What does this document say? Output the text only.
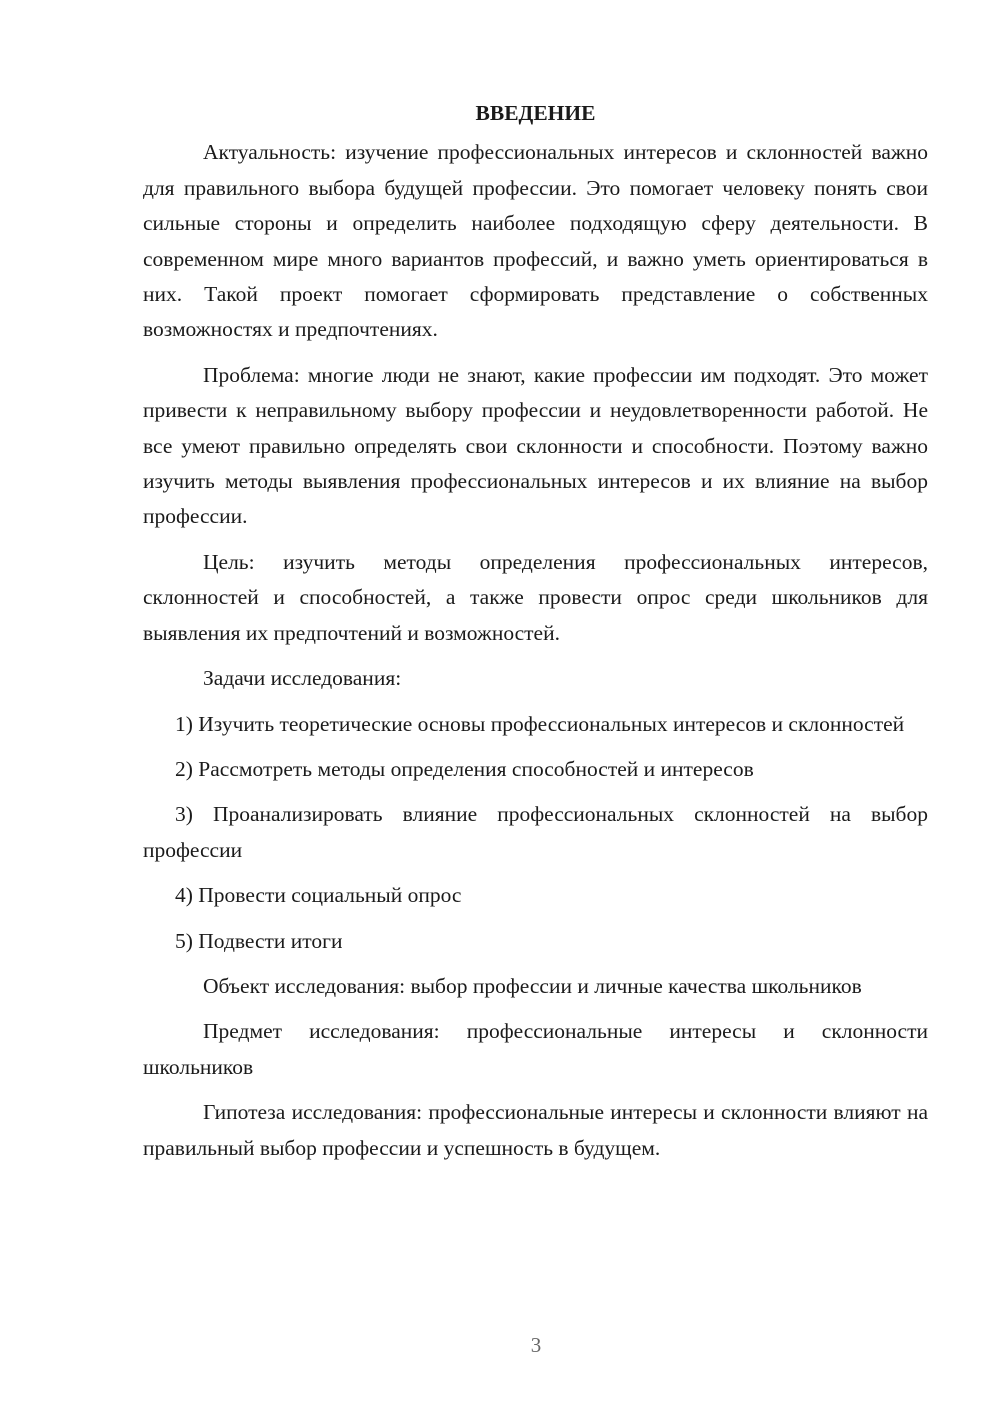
ВВЕДЕНИЕ

Актуальность: изучение профессиональных интересов и склонностей важно для правильного выбора будущей профессии. Это помогает человеку понять свои сильные стороны и определить наиболее подходящую сферу деятельности. В современном мире много вариантов профессий, и важно уметь ориентироваться в них. Такой проект помогает сформировать представление о собственных возможностях и предпочтениях.

Проблема: многие люди не знают, какие профессии им подходят. Это может привести к неправильному выбору профессии и неудовлетворенности работой. Не все умеют правильно определять свои склонности и способности. Поэтому важно изучить методы выявления профессиональных интересов и их влияние на выбор профессии.

Цель: изучить методы определения профессиональных интересов, склонностей и способностей, а также провести опрос среди школьников для выявления их предпочтений и возможностей.

Задачи исследования:

1) Изучить теоретические основы профессиональных интересов и склонностей

2) Рассмотреть методы определения способностей и интересов

3) Проанализировать влияние профессиональных склонностей на выбор профессии

4) Провести социальный опрос

5) Подвести итоги

Объект исследования: выбор профессии и личные качества школьников

Предмет исследования: профессиональные интересы и склонности школьников

Гипотеза исследования: профессиональные интересы и склонности влияют на правильный выбор профессии и успешность в будущем.

3
